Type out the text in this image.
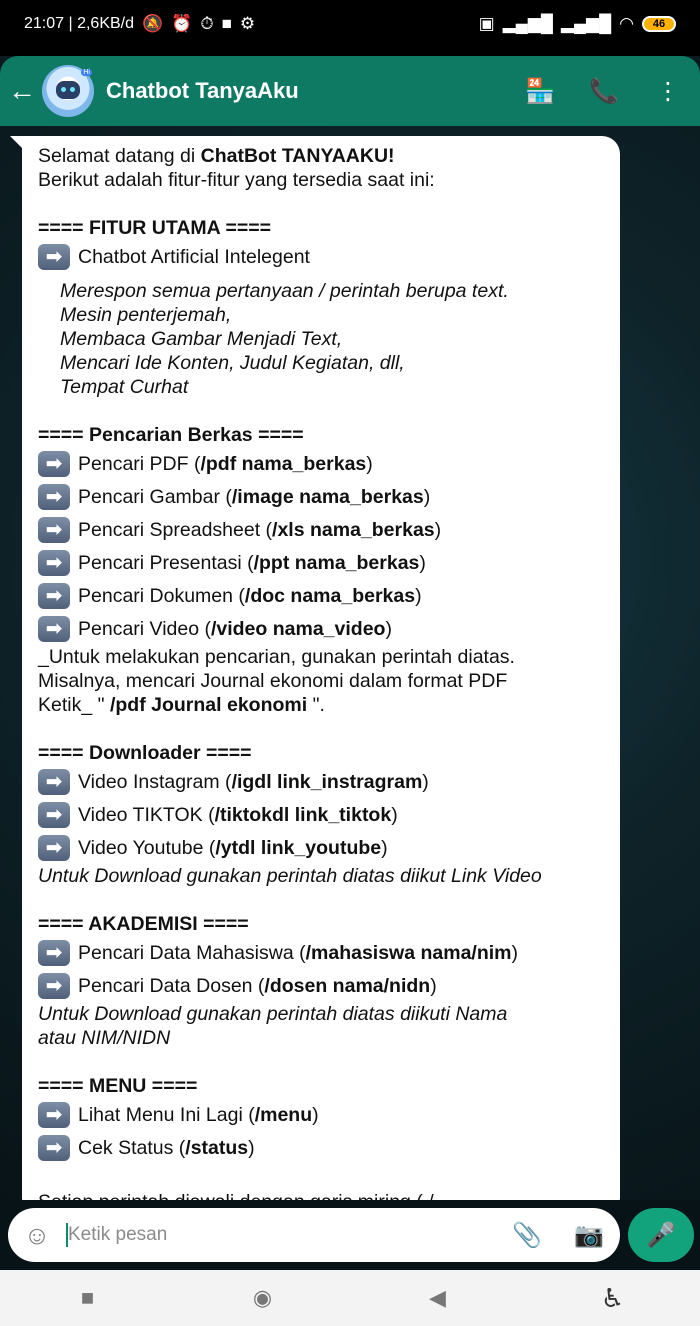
21:07 | 2,6KB/d 🔕 ⏰ ⏱ ■ ⚙	▣ ▂▄▆█ ▂▄▆█ ◠ 46
←
Hi
Chatbot TanyaAku	🏪	📞	⋮
Selamat datang di ChatBot TANYAAKU!
Berikut adalah fitur-fitur yang tersedia saat ini:
==== FITUR UTAMA ====
➡ Chatbot Artificial Intelegent
Merespon semua pertanyaan / perintah berupa text.
Mesin penterjemah,
Membaca Gambar Menjadi Text,
Mencari Ide Konten, Judul Kegiatan, dll,
Tempat Curhat
==== Pencarian Berkas ====
➡ Pencari PDF ( /pdf nama_berkas )
➡ Pencari Gambar ( /image nama_berkas )
➡ Pencari Spreadsheet ( /xls nama_berkas )
➡ Pencari Presentasi ( /ppt nama_berkas )
➡ Pencari Dokumen ( /doc nama_berkas )
➡ Pencari Video ( /video nama_video )
_Untuk melakukan pencarian, gunakan perintah diatas.
Misalnya, mencari Journal ekonomi dalam format PDF
Ketik_ " /pdf Journal ekonomi ".
==== Downloader ====
➡ Video Instagram ( /igdl link_instragram )
➡ Video TIKTOK ( /tiktokdl link_tiktok )
➡ Video Youtube ( /ytdl link_youtube )
Untuk Download gunakan perintah diatas diikut Link Video
==== AKADEMISI ====
➡ Pencari Data Mahasiswa ( /mahasiswa nama/nim )
➡ Pencari Data Dosen ( /dosen nama/nidn )
Untuk Download gunakan perintah diatas diikuti Nama
atau NIM/NIDN
==== MENU ====
➡ Lihat Menu Ini Lagi ( /menu )
➡ Cek Status ( /status )
☺
Ketik pesan	📎	📷	🎤
■	◉	◀	♿
